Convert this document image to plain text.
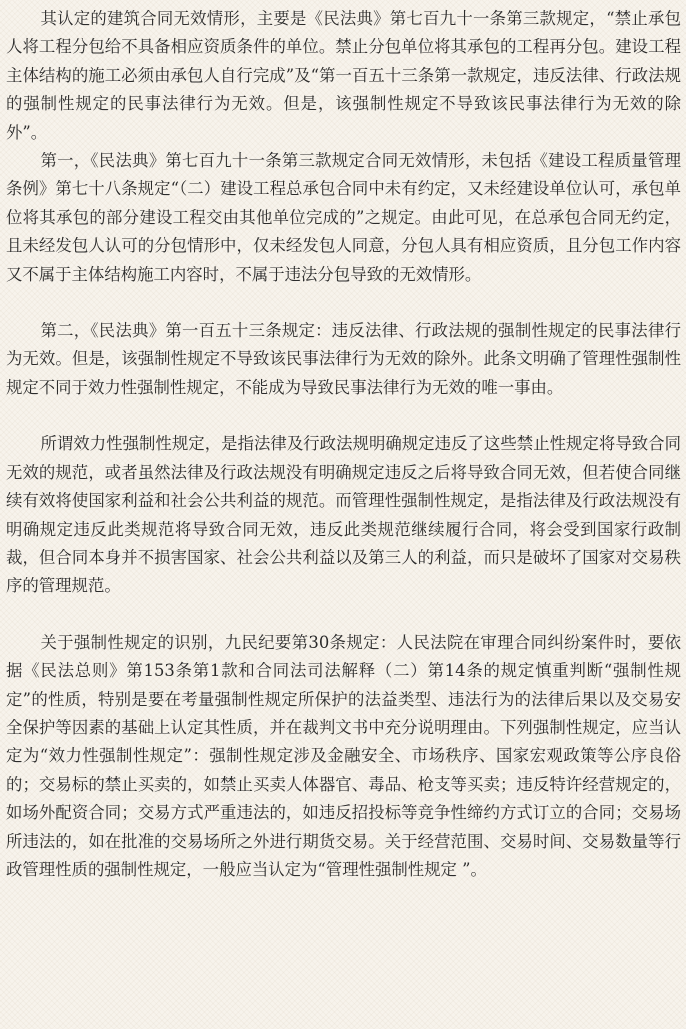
其认定的建筑合同无效情形，主要是《民法典》第七百九十一条第三款规定，“禁止承包人将工程分包给不具备相应资质条件的单位。禁止分包单位将其承包的工程再分包。建设工程主体结构的施工必须由承包人自行完成”及“第一百五十三条第一款规定，违反法律、行政法规的强制性规定的民事法律行为无效。但是，该强制性规定不导致该民事法律行为无效的除外”。

第一，《民法典》第七百九十一条第三款规定合同无效情形，未包括《建设工程质量管理条例》第七十八条规定“（二）建设工程总承包合同中未有约定，又未经建设单位认可，承包单位将其承包的部分建设工程交由其他单位完成的”之规定。由此可见，在总承包合同无约定，且未经发包人认可的分包情形中，仅未经发包人同意，分包人具有相应资质，且分包工作内容又不属于主体结构施工内容时，不属于违法分包导致的无效情形。

第二，《民法典》第一百五十三条规定：违反法律、行政法规的强制性规定的民事法律行为无效。但是，该强制性规定不导致该民事法律行为无效的除外。此条文明确了管理性强制性规定不同于效力性强制性规定，不能成为导致民事法律行为无效的唯一事由。

所谓效力性强制性规定，是指法律及行政法规明确规定违反了这些禁止性规定将导致合同无效的规范，或者虽然法律及行政法规没有明确规定违反之后将导致合同无效，但若使合同继续有效将使国家利益和社会公共利益的规范。而管理性强制性规定，是指法律及行政法规没有明确规定违反此类规范将导致合同无效，违反此类规范继续履行合同，将会受到国家行政制裁，但合同本身并不损害国家、社会公共利益以及第三人的利益，而只是破坏了国家对交易秩序的管理规范。

关于强制性规定的识别，九民纪要第30条规定：人民法院在审理合同纠纷案件时，要依据《民法总则》第153条第1款和合同法司法解释（二）第14条的规定慎重判断“强制性规定”的性质，特别是要在考量强制性规定所保护的法益类型、违法行为的法律后果以及交易安全保护等因素的基础上认定其性质，并在裁判文书中充分说明理由。下列强制性规定，应当认定为“效力性强制性规定”：强制性规定涉及金融安全、市场秩序、国家宏观政策等公序良俗的；交易标的禁止买卖的，如禁止买卖人体器官、毒品、枪支等买卖；违反特许经营规定的，如场外配资合同；交易方式严重违法的，如违反招投标等竞争性缔约方式订立的合同；交易场所违法的，如在批准的交易场所之外进行期货交易。关于经营范围、交易时间、交易数量等行政管理性质的强制性规定，一般应当认定为“管理性强制性规定 ”。
